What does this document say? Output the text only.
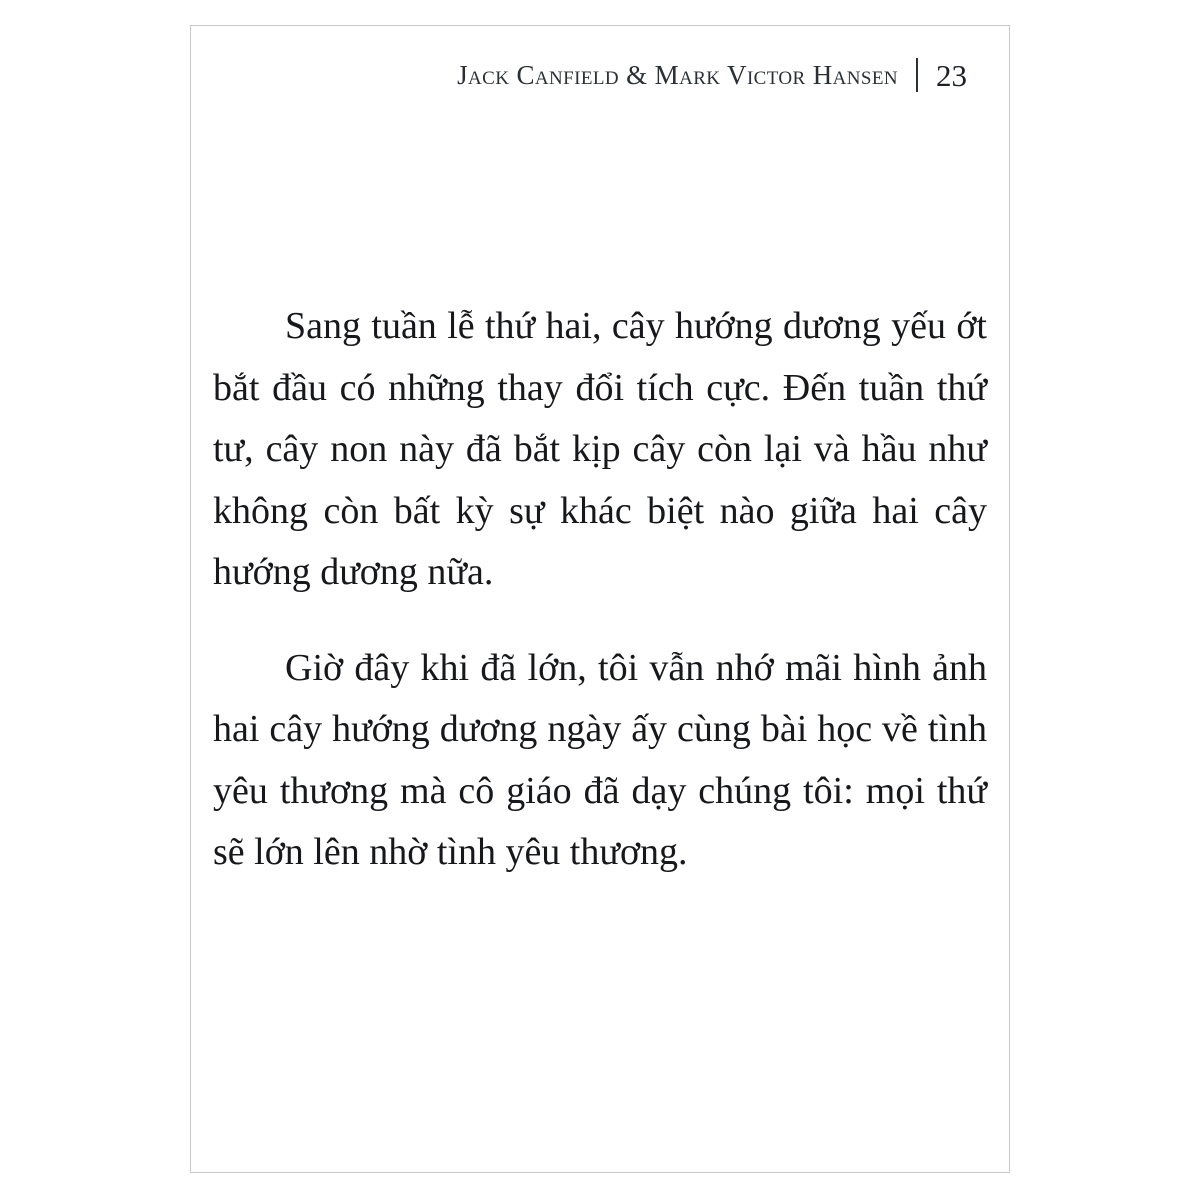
Jack Canfield & Mark Victor Hansen 23

Sang tuần lễ thứ hai, cây hướng dương yếu ớt bắt đầu có những thay đổi tích cực. Đến tuần thứ tư, cây non này đã bắt kịp cây còn lại và hầu như không còn bất kỳ sự khác biệt nào giữa hai cây hướng dương nữa.

Giờ đây khi đã lớn, tôi vẫn nhớ mãi hình ảnh hai cây hướng dương ngày ấy cùng bài học về tình yêu thương mà cô giáo đã dạy chúng tôi: mọi thứ sẽ lớn lên nhờ tình yêu thương.
